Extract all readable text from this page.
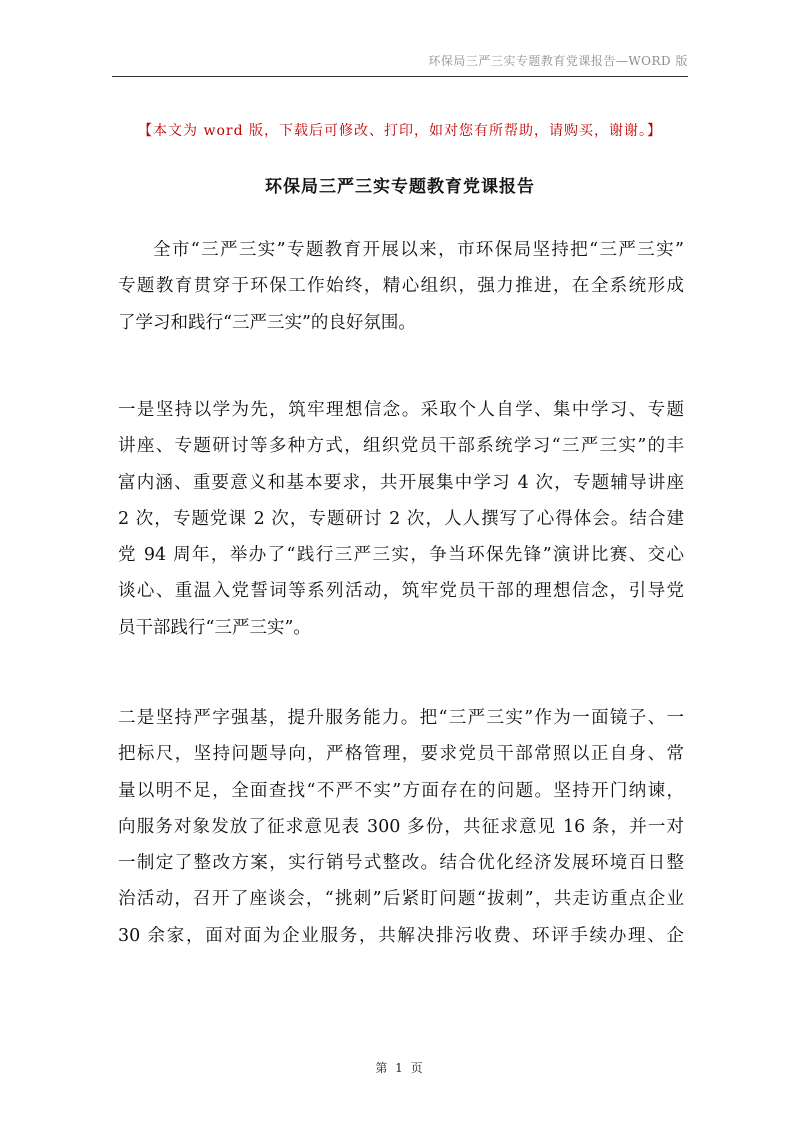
环保局三严三实专题教育党课报告—WORD 版
【本文为 word 版，下载后可修改、打印，如对您有所帮助，请购买，谢谢。】
环保局三严三实专题教育党课报告
全市“三严三实”专题教育开展以来，市环保局坚持把“三严三实”
专题教育贯穿于环保工作始终，精心组织，强力推进，在全系统形成
了学习和践行“三严三实”的良好氛围。
一是坚持以学为先，筑牢理想信念。采取个人自学、集中学习、专题
讲座、专题研讨等多种方式，组织党员干部系统学习“三严三实”的丰
富内涵、重要意义和基本要求，共开展集中学习 4 次，专题辅导讲座
2 次，专题党课 2 次，专题研讨 2 次，人人撰写了心得体会。结合建
党 94 周年，举办了“践行三严三实，争当环保先锋”演讲比赛、交心
谈心、重温入党誓词等系列活动，筑牢党员干部的理想信念，引导党
员干部践行“三严三实”。
二是坚持严字强基，提升服务能力。把“三严三实”作为一面镜子、一
把标尺，坚持问题导向，严格管理，要求党员干部常照以正自身、常
量以明不足，全面查找“不严不实”方面存在的问题。坚持开门纳谏，
向服务对象发放了征求意见表 300 多份，共征求意见 16 条，并一对
一制定了整改方案，实行销号式整改。结合优化经济发展环境百日整
治活动，召开了座谈会，“挑刺”后紧盯问题“拔刺”，共走访重点企业
30 余家，面对面为企业服务，共解决排污收费、环评手续办理、企
第 1 页
